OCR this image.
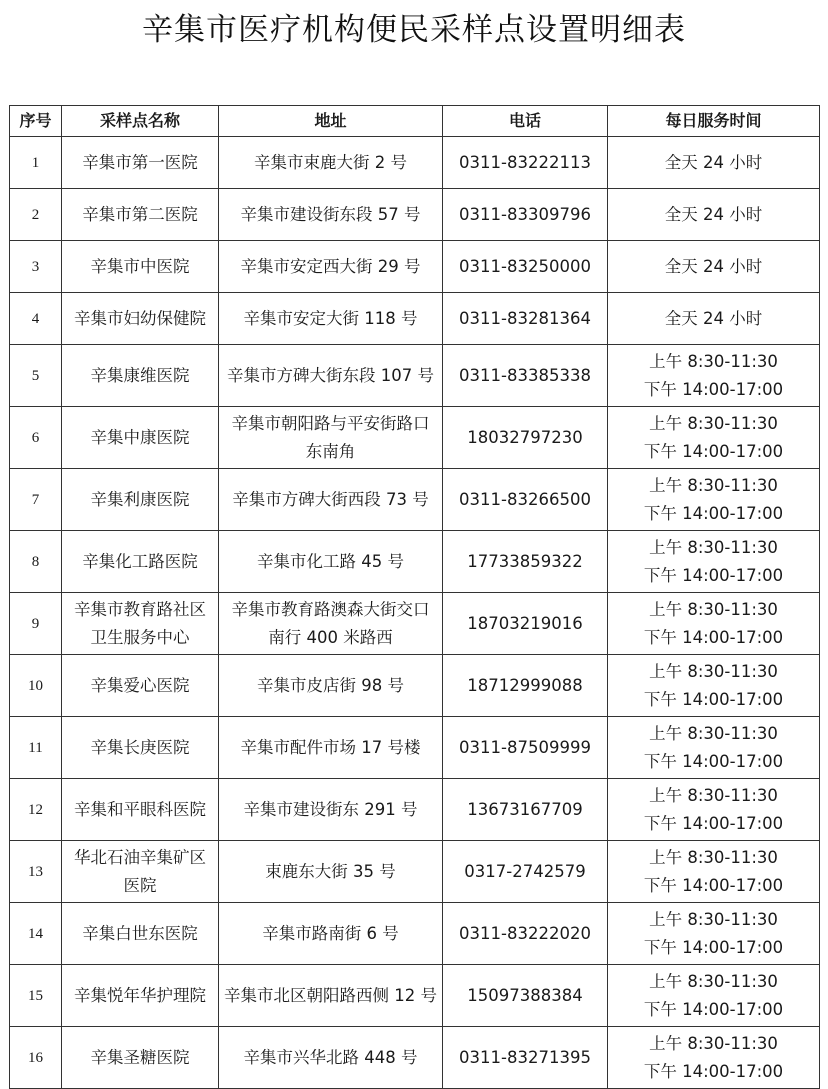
辛集市医疗机构便民采样点设置明细表
序号	采样点名称	地址	电话	每日服务时间
1	辛集市第一医院	辛集市束鹿大街 2 号	0311-83222113	全天 24 小时
2	辛集市第二医院	辛集市建设街东段 57 号	0311-83309796	全天 24 小时
3	辛集市中医院	辛集市安定西大街 29 号	0311-83250000	全天 24 小时
4	辛集市妇幼保健院	辛集市安定大街 118 号	0311-83281364	全天 24 小时
5	辛集康维医院	辛集市方碑大街东段 107 号	0311-83385338	上午 8:30-11:30
下午 14:00-17:00
6	辛集中康医院	辛集市朝阳路与平安街路口
东南角	18032797230	上午 8:30-11:30
下午 14:00-17:00
7	辛集利康医院	辛集市方碑大街西段 73 号	0311-83266500	上午 8:30-11:30
下午 14:00-17:00
8	辛集化工路医院	辛集市化工路 45 号	17733859322	上午 8:30-11:30
下午 14:00-17:00
9	辛集市教育路社区
卫生服务中心	辛集市教育路澳森大街交口
南行 400 米路西	18703219016	上午 8:30-11:30
下午 14:00-17:00
10	辛集爱心医院	辛集市皮店街 98 号	18712999088	上午 8:30-11:30
下午 14:00-17:00
11	辛集长庚医院	辛集市配件市场 17 号楼	0311-87509999	上午 8:30-11:30
下午 14:00-17:00
12	辛集和平眼科医院	辛集市建设街东 291 号	13673167709	上午 8:30-11:30
下午 14:00-17:00
13	华北石油辛集矿区
医院	束鹿东大街 35 号	0317-2742579	上午 8:30-11:30
下午 14:00-17:00
14	辛集白世东医院	辛集市路南街 6 号	0311-83222020	上午 8:30-11:30
下午 14:00-17:00
15	辛集悦年华护理院	辛集市北区朝阳路西侧 12 号	15097388384	上午 8:30-11:30
下午 14:00-17:00
16	辛集圣糖医院	辛集市兴华北路 448 号	0311-83271395	上午 8:30-11:30
下午 14:00-17:00
